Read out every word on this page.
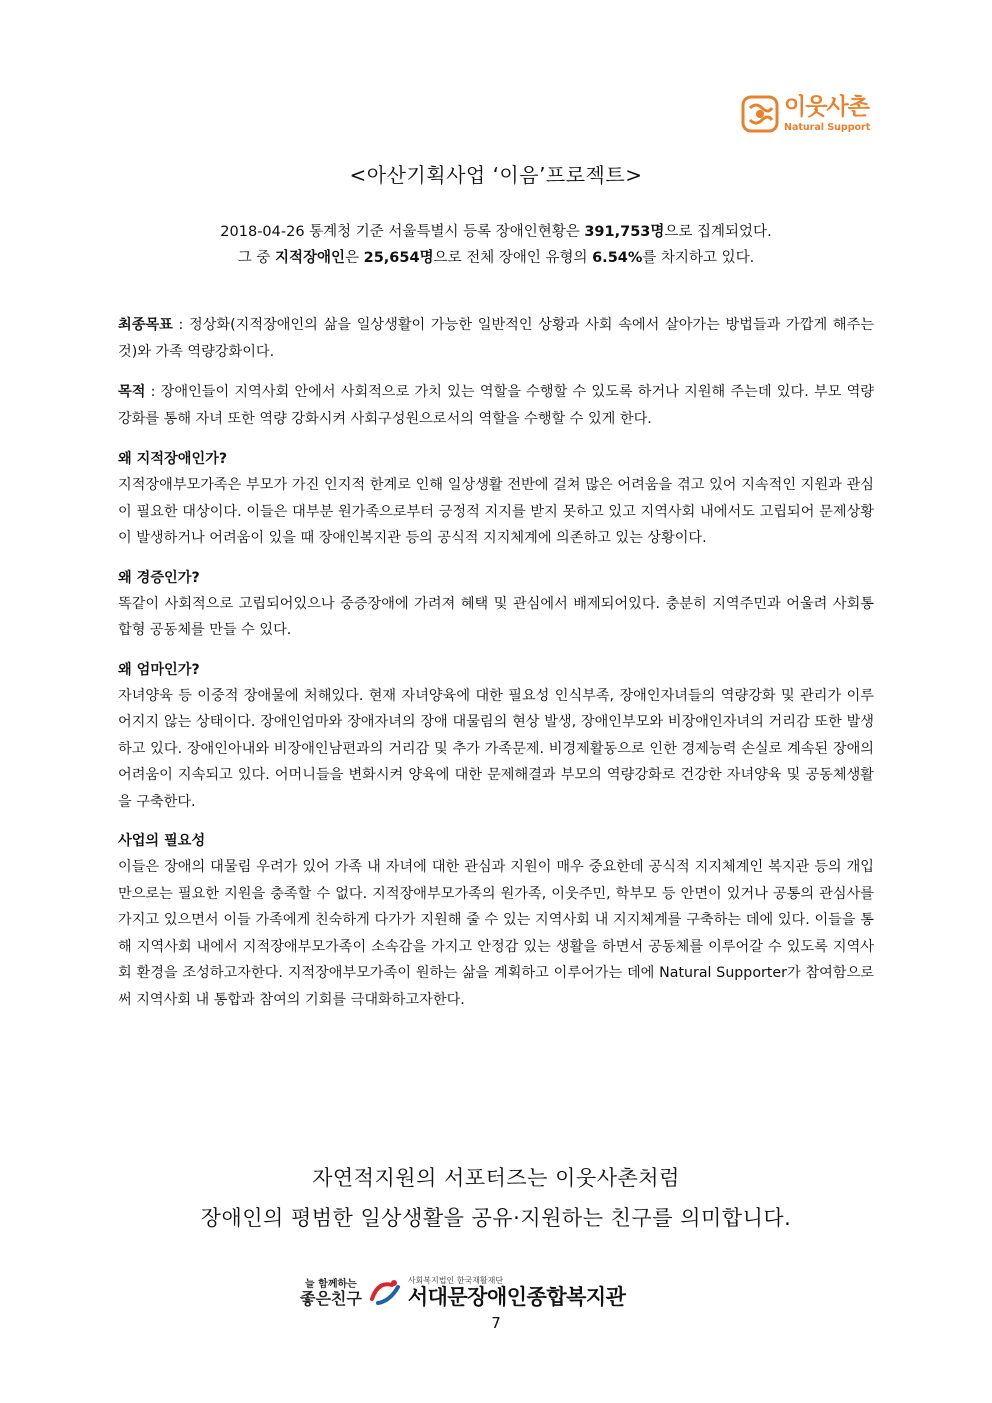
이웃사촌
Natural Support
<아산기획사업 ‘이음’프로젝트>
2018-04-26 통계청 기준 서울특별시 등록 장애인현황은 391,753명으로 집계되었다.
그 중 지적장애인은 25,654명으로 전체 장애인 유형의 6.54%를 차지하고 있다.

최종목표 : 정상화(지적장애인의 삶을 일상생활이 가능한 일반적인 상황과 사회 속에서 살아가는 방법들과 가깝게 해주는 것)와 가족 역량강화이다.

목적 : 장애인들이 지역사회 안에서 사회적으로 가치 있는 역할을 수행할 수 있도록 하거나 지원해 주는데 있다. 부모 역량강화를 통해 자녀 또한 역량 강화시켜 사회구성원으로서의 역할을 수행할 수 있게 한다.

왜 지적장애인가?

지적장애부모가족은 부모가 가진 인지적 한계로 인해 일상생활 전반에 걸쳐 많은 어려움을 겪고 있어 지속적인 지원과 관심이 필요한 대상이다. 이들은 대부분 원가족으로부터 긍정적 지지를 받지 못하고 있고 지역사회 내에서도 고립되어 문제상황이 발생하거나 어려움이 있을 때 장애인복지관 등의 공식적 지지체계에 의존하고 있는 상황이다.

왜 경증인가?

똑같이 사회적으로 고립되어있으나 중증장애에 가려져 혜택 및 관심에서 배제되어있다. 충분히 지역주민과 어울려 사회통합형 공동체를 만들 수 있다.

왜 엄마인가?

자녀양육 등 이중적 장애물에 처해있다. 현재 자녀양육에 대한 필요성 인식부족, 장애인자녀들의 역량강화 및 관리가 이루어지지 않는 상태이다. 장애인엄마와 장애자녀의 장애 대물림의 현상 발생, 장애인부모와 비장애인자녀의 거리감 또한 발생하고 있다. 장애인아내와 비장애인남편과의 거리감 및 추가 가족문제. 비경제활동으로 인한 경제능력 손실로 계속된 장애의 어려움이 지속되고 있다. 어머니들을 변화시켜 양육에 대한 문제해결과 부모의 역량강화로 건강한 자녀양육 및 공동체생활을 구축한다.

사업의 필요성

이들은 장애의 대물림 우려가 있어 가족 내 자녀에 대한 관심과 지원이 매우 중요한데 공식적 지지체계인 복지관 등의 개입만으로는 필요한 지원을 충족할 수 없다. 지적장애부모가족의 원가족, 이웃주민, 학부모 등 안면이 있거나 공통의 관심사를 가지고 있으면서 이들 가족에게 친숙하게 다가가 지원해 줄 수 있는 지역사회 내 지지체계를 구축하는 데에 있다. 이들을 통해 지역사회 내에서 지적장애부모가족이 소속감을 가지고 안정감 있는 생활을 하면서 공동체를 이루어갈 수 있도록 지역사회 환경을 조성하고자한다. 지적장애부모가족이 원하는 삶을 계획하고 이루어가는 데에 Natural Supporter가 참여함으로써 지역사회 내 통합과 참여의 기회를 극대화하고자한다.

자연적지원의 서포터즈는 이웃사촌처럼
장애인의 평범한 일상생활을 공유·지원하는 친구를 의미합니다.
늘 함께하는
좋은친구
사회복지법인 한국재활재단
서대문장애인종합복지관
7
